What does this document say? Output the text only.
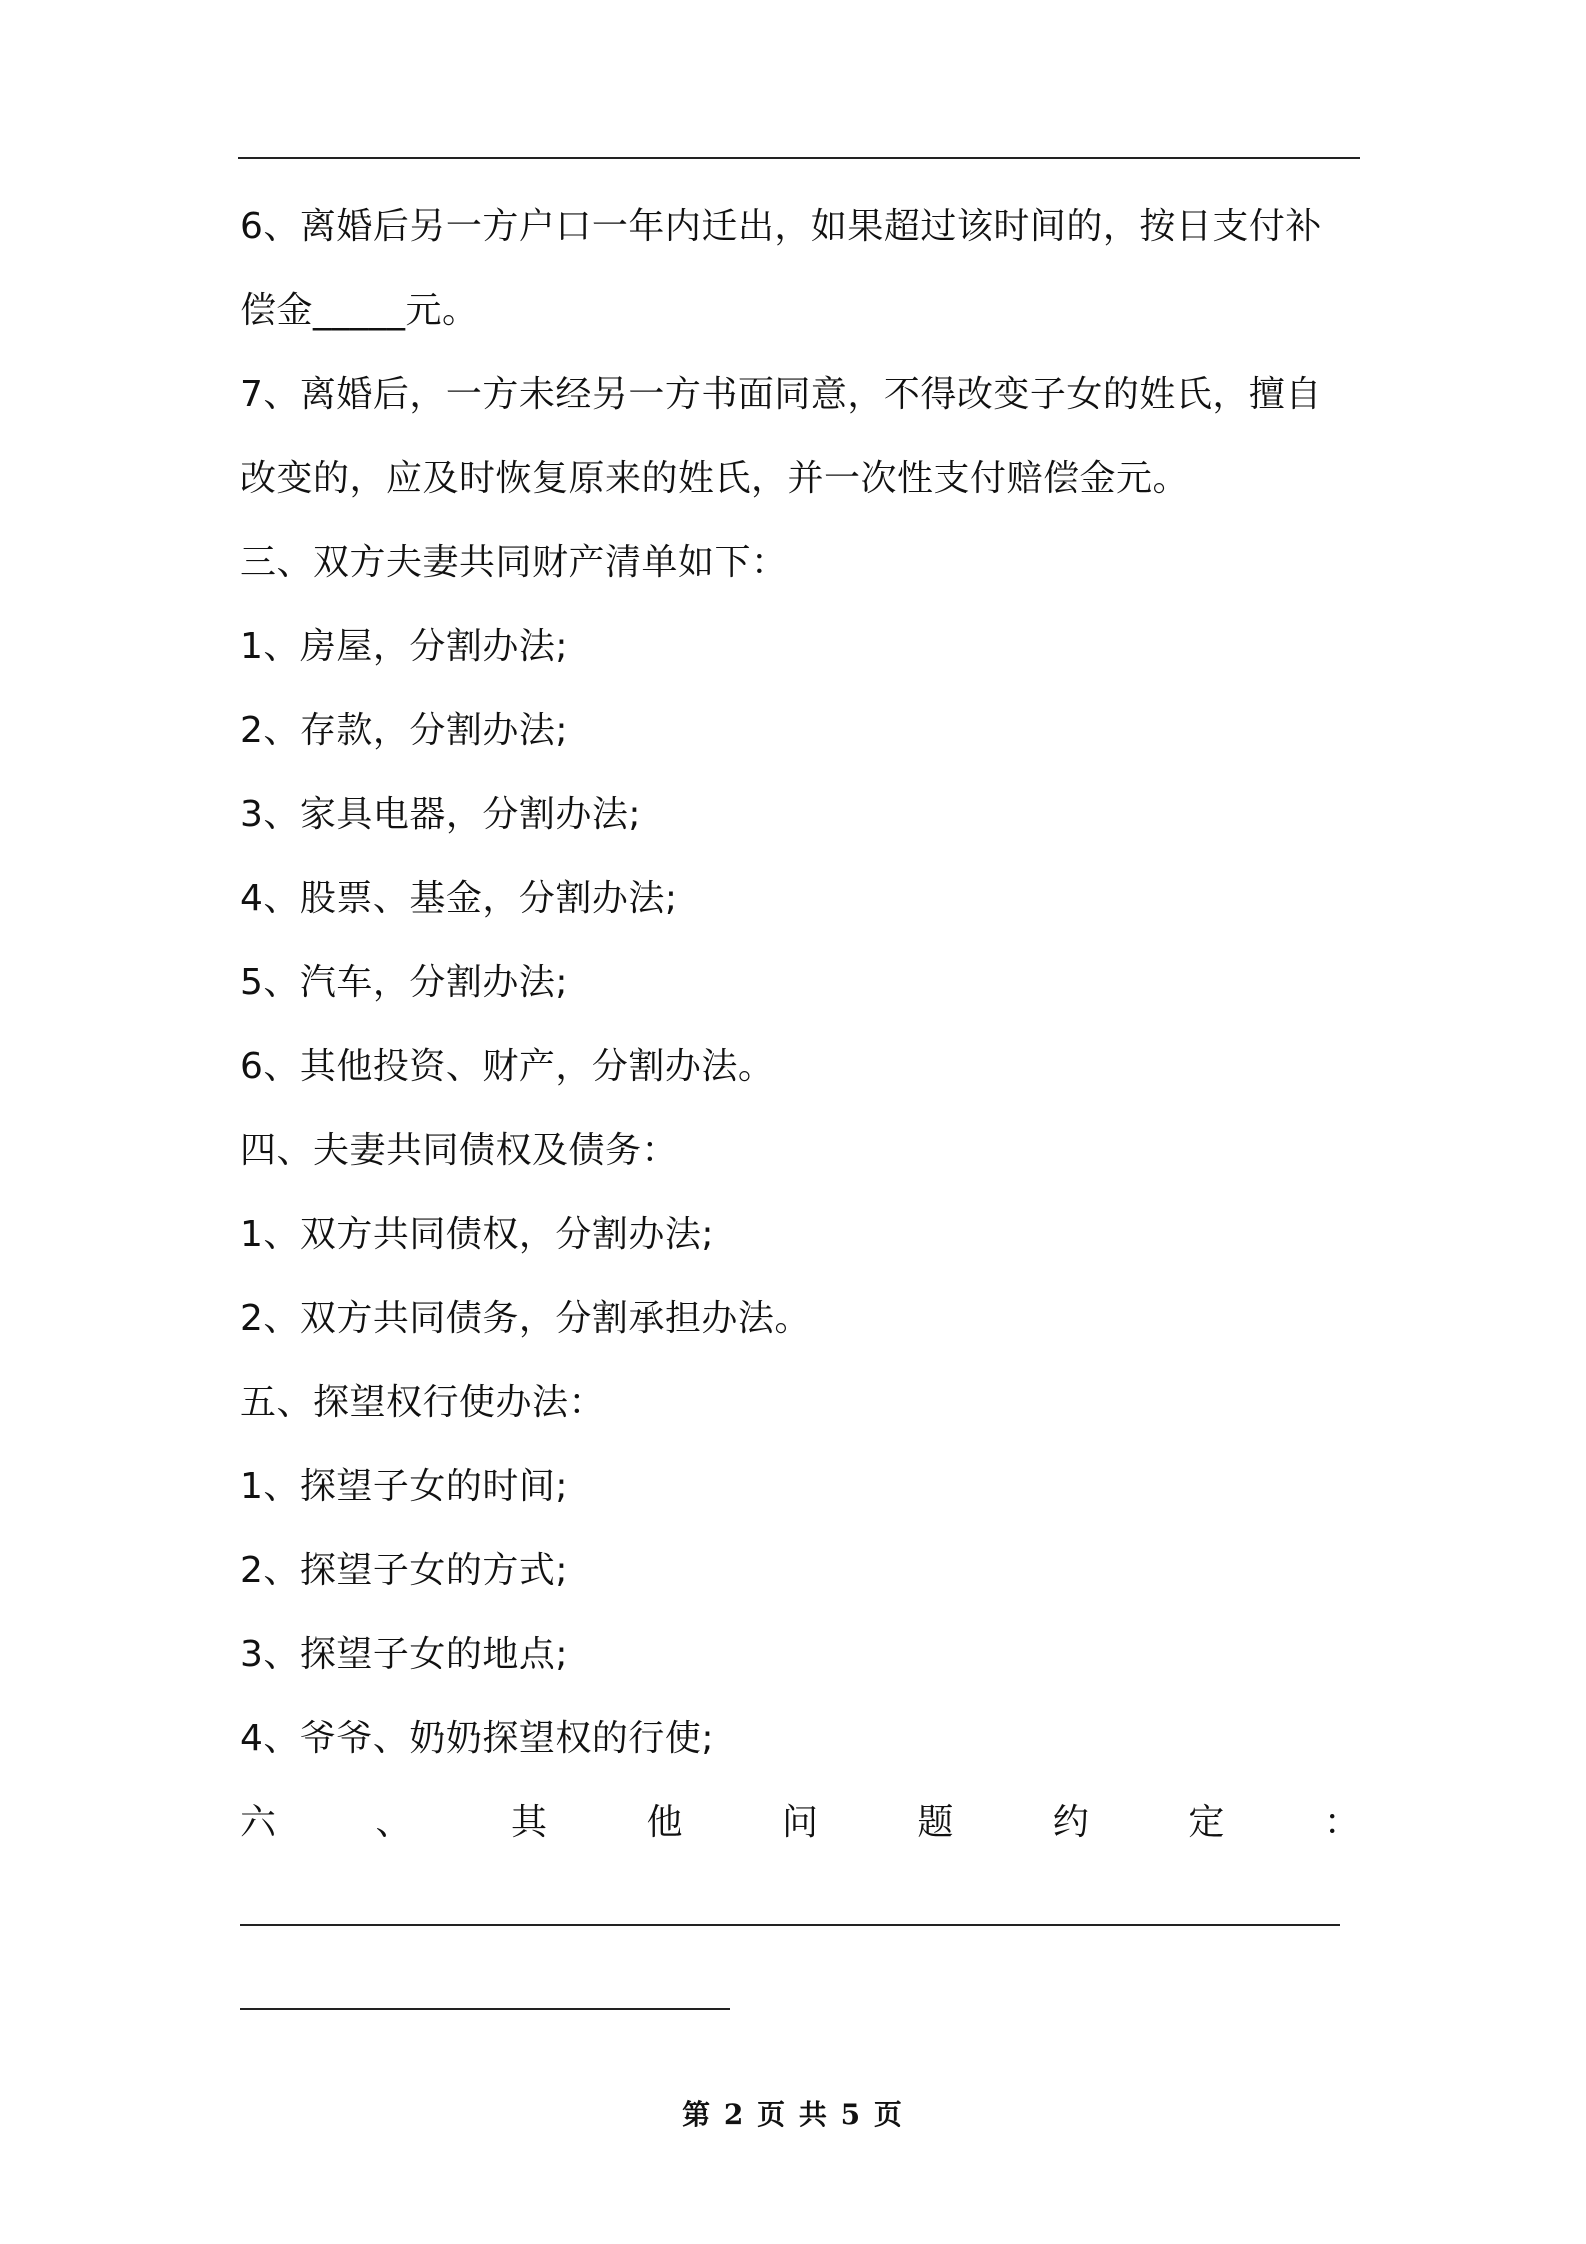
6、离婚后另一方户口一年内迁出，如果超过该时间的，按日支付补
偿金_____元。
7、离婚后，一方未经另一方书面同意，不得改变子女的姓氏，擅自
改变的，应及时恢复原来的姓氏，并一次性支付赔偿金元。
三、双方夫妻共同财产清单如下：
1、房屋，分割办法;
2、存款，分割办法;
3、家具电器，分割办法;
4、股票、基金，分割办法;
5、汽车，分割办法;
6、其他投资、财产，分割办法。
四、夫妻共同债权及债务：
1、双方共同债权，分割办法;
2、双方共同债务，分割承担办法。
五、探望权行使办法：
1、探望子女的时间;
2、探望子女的方式;
3、探望子女的地点;
4、爷爷、奶奶探望权的行使;
六	、	其	他	问	题	约	定	：
第 2 页 共 5 页
